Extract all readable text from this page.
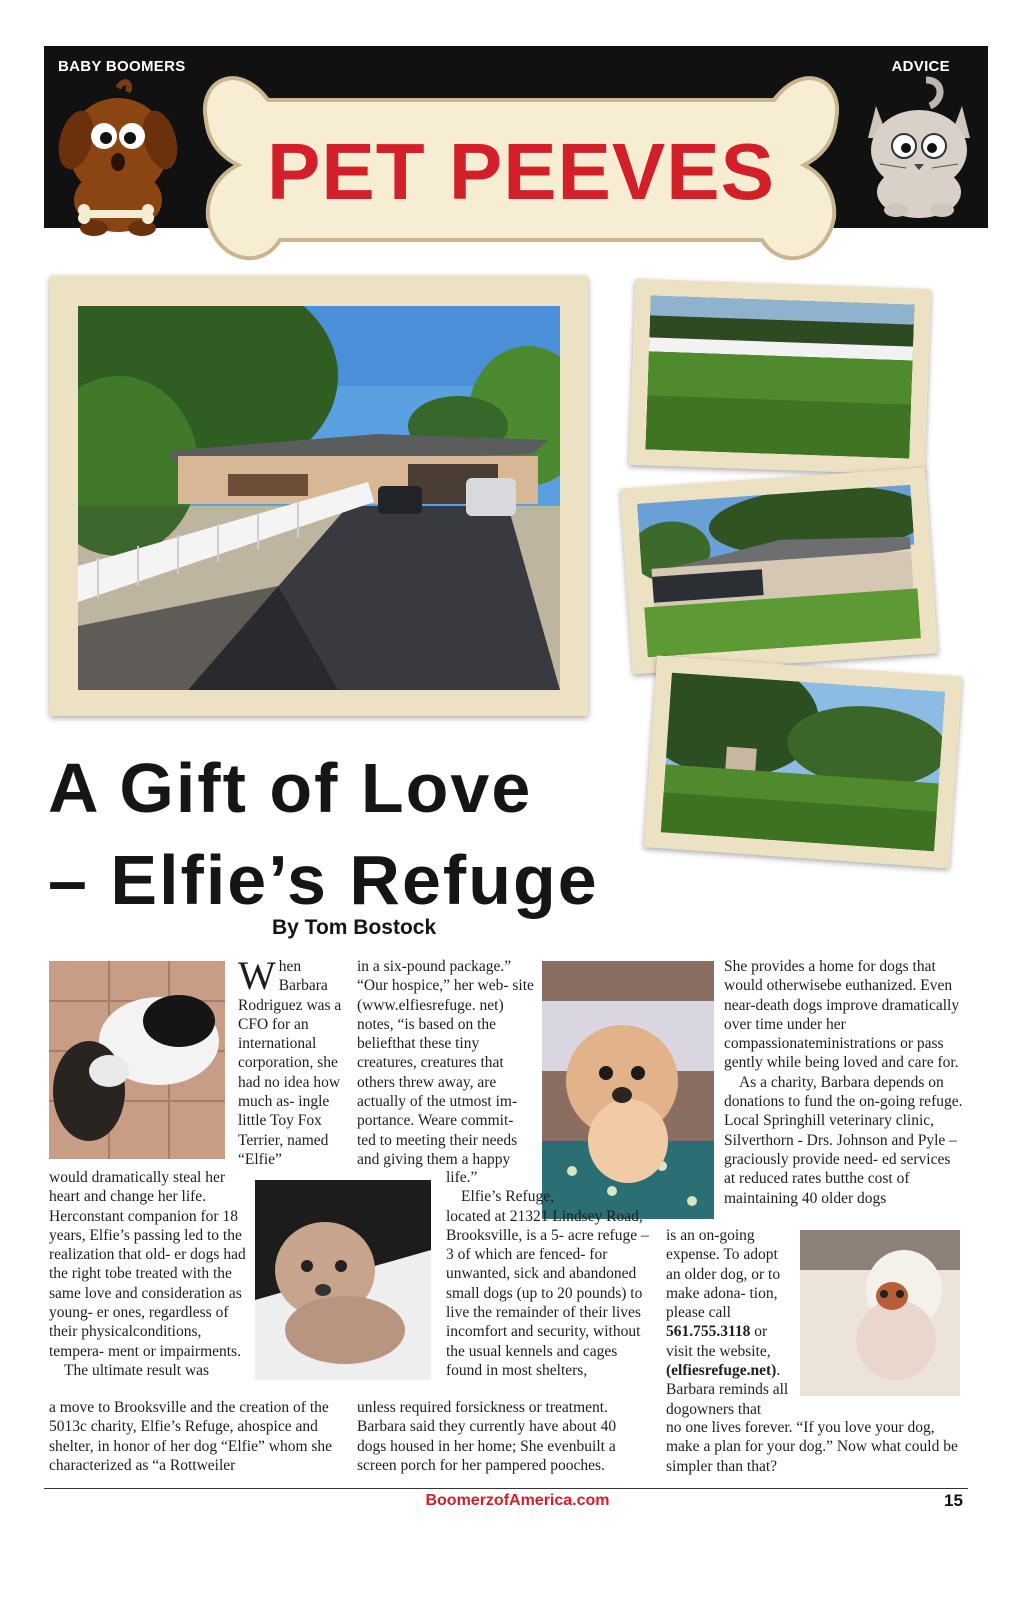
BABY BOOMERS	ADVICE
PET PEEVES
A Gift of Love
– Elfie’s Refuge
By Tom Bostock
When Barbara Rodriguez was a CFO for an international corporation, she had no idea how much as- ingle little Toy Fox Terrier, named “Elfie”

would dramatically steal her heart and change her life. Herconstant companion for 18 years, Elfie’s passing led to the realization that old- er dogs had the right tobe treated with the same love and consideration as young- er ones, regardless of their physicalconditions, tempera- ment or impairments.

The ultimate result was

a move to Brooksville and the creation of the 5013c charity, Elfie’s Refuge, ahospice and shelter, in honor of her dog “Elfie” whom she characterized as “a Rottweiler

in a six-pound package.” “Our hospice,” her web- site (www.elfiesrefuge. net) notes, “is based on the beliefthat these tiny creatures, creatures that others threw away, are actually of the utmost im- portance. Weare commit- ted to meeting their needs and giving them a happy

life.”

Elfie’s Refuge,

located at 21321 Lindsey Road, Brooksville, is a 5- acre refuge – 3 of which are fenced- for unwanted, sick and abandoned small dogs (up to 20 pounds) to live the remainder of their lives incomfort and security, without the usual kennels and cages found in most shelters,

unless required forsickness or treatment. Barbara said they currently have about 40 dogs housed in her home; She evenbuilt a screen porch for her pampered pooches.

She provides a home for dogs that would otherwisebe euthanized. Even near-death dogs improve dramatically over time under her compassionateministrations or pass gently while being loved and care for.

As a charity, Barbara depends on donations to fund the on-going refuge. Local Springhill veterinary clinic, Silverthorn - Drs. Johnson and Pyle – graciously provide need- ed services at reduced rates butthe cost of maintaining 40 older dogs

is an on-going expense. To adopt an older dog, or to make adona- tion, please call 561.755.3118 or visit the website, (elfiesrefuge.net). Barbara reminds all dogowners that

no one lives forever. “If you love your dog, make a plan for your dog.” Now what could be simpler than that?

BoomerzofAmerica.com	15
